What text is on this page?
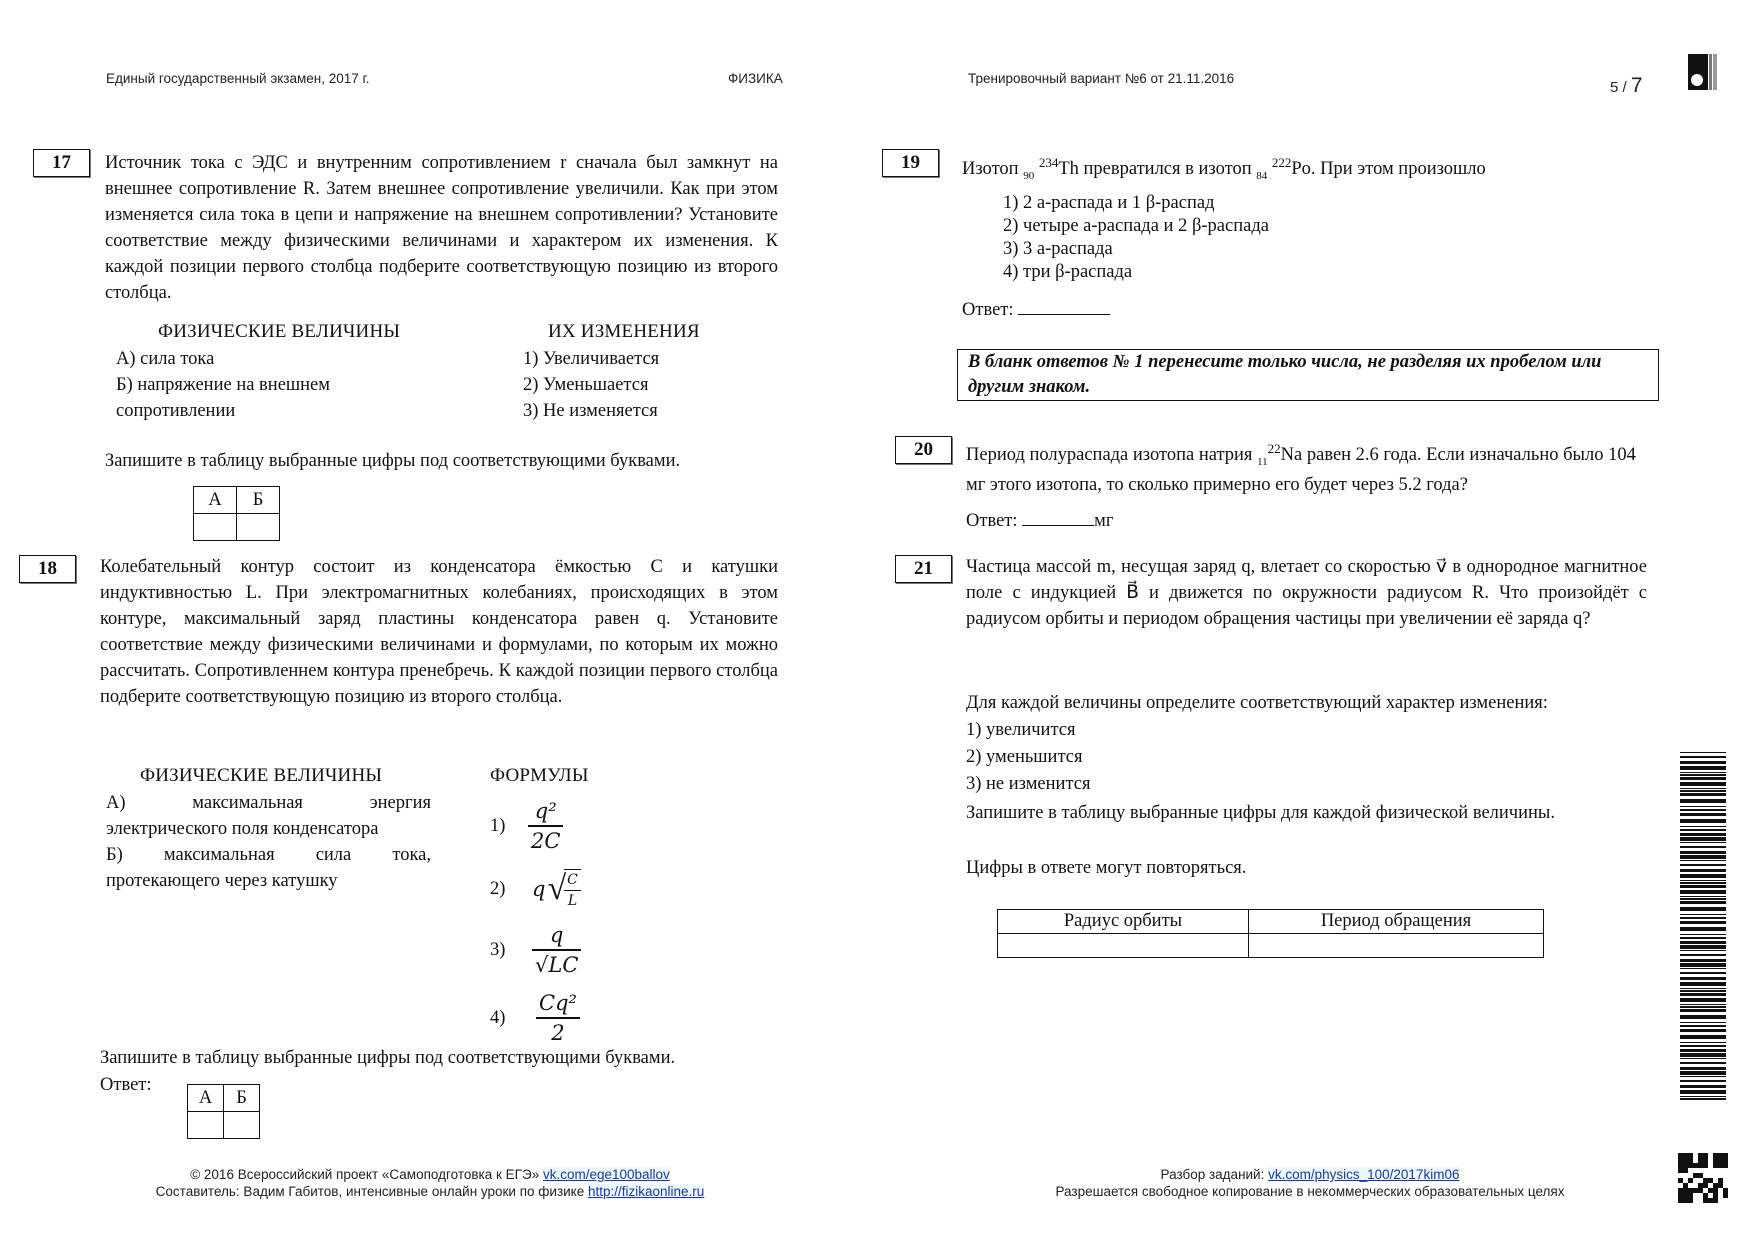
Единый государственный экзамен, 2017 г.	ФИЗИКА	Тренировочный вариант №6 от 21.11.2016
5 / 7
17	Источник тока с ЭДС и внутренним сопротивлением r сначала был замкнут на внешнее сопротивление R. Затем внешнее сопротивление увеличили. Как при этом изменяется сила тока в цепи и напряжение на внешнем сопротивлении? Установите соответствие между физическими величинами и характером их изменения. К каждой позиции первого столбца подберите соответствующую позицию из второго столбца.
ФИЗИЧЕСКИЕ ВЕЛИЧИНЫ	ИХ ИЗМЕНЕНИЯ
А) сила тока
Б) напряжение на внешнем
сопротивлении
1) Увеличивается
2) Уменьшается
3) Не изменяется
Запишите в таблицу выбранные цифры под соответствующими буквами.
А	Б

18	Колебательный контур состоит из конденсатора ёмкостью С и катушки индуктивностью L. При электромагнитных колебаниях, происходящих в этом контуре, максимальный заряд пластины конденсатора равен q. Установите соответствие между физическими величинами и формулами, по которым их можно рассчитать. Сопротивленнем контура пренебречь. К каждой позиции первого столбца подберите соответствующую позицию из второго столбца.
ФИЗИЧЕСКИЕ ВЕЛИЧИНЫ	ФОРМУЛЫ
А) максимальная энергия электрического поля конденсатора
Б) максимальная сила тока, протекающего через катушку
1)	$\frac{\text{q²}}{2C}$
2)	q √
$\frac{C}{L}$
3)	$\frac{q}{√LC}$
4)	$\frac{\text{Cq²}}{2}$
Запишите в таблицу выбранные цифры под соответствующими буквами.
Ответ:
А	Б

19	Изотоп $_{90}$ $^{234}$Th превратился в изотоп $_{84}$ $^{222}$Po. При этом произошло
1) 2 а-распада и 1 β-распад
2) четыре а-распада и 2 β-распада
3) 3 а-распада
4) три β-распада
Ответ:
В бланк ответов № 1 перенесите только числа, не разделяя их пробелом или другим знаком.
20	Период полураспада изотопа натрия $_{11}^{22}$Na равен 2.6 года. Если изначально было 104 мг этого изотопа, то сколько примерно его будет через 5.2 года?
Ответ:	мг
21	Частица массой m, несущая заряд q, влетает со скоростью v⃗ в однородное магнитное поле с индукцией B⃗ и движется по окружности радиусом R. Что произойдёт с радиусом орбиты и периодом обращения частицы при увеличении её заряда q?
Для каждой величины определите соответствующий характер изменения:
1) увеличится
2) уменьшится
3) не изменится
Запишите в таблицу выбранные цифры для каждой физической величины.
Цифры в ответе могут повторяться.
Радиус орбиты	Период обращения

© 2016 Всероссийский проект «Самоподготовка к ЕГЭ» vk.com/ege100ballov
Составитель: Вадим Габитов, интенсивные онлайн уроки по физике http://fizikaonline.ru
Разбор заданий: vk.com/physics_100/2017kim06
Разрешается свободное копирование в некоммерческих образовательных целях
